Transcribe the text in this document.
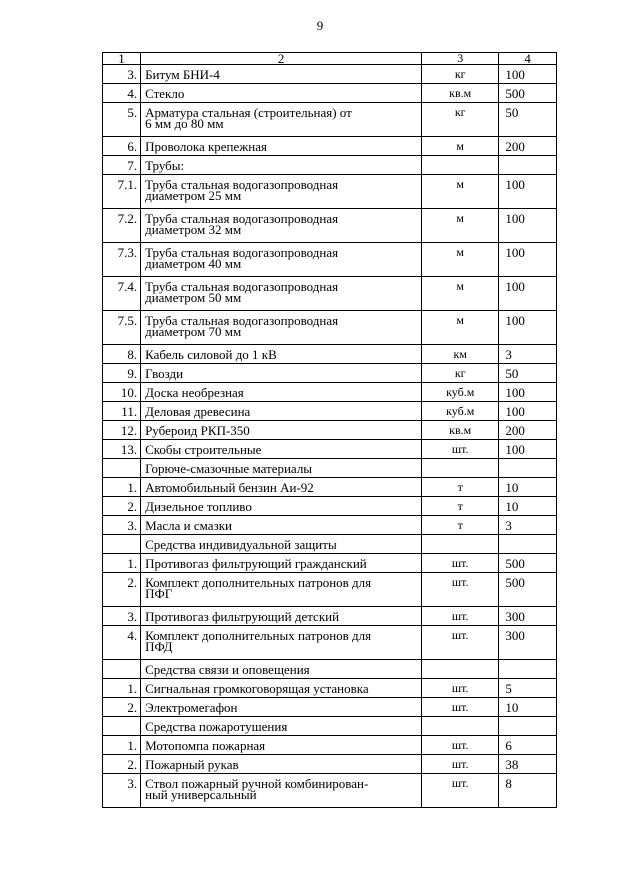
9
1	2	3	4
3.	Битум БНИ-4	кг	100
4.	Стекло	кв.м	500
5.	Арматура стальная (строительная) от
6 мм до 80 мм	кг	50
6.	Проволока крепежная	м	200
7.	Трубы:		

7.1.	Труба стальная водогазопроводная
диаметром 25 мм	м	100
7.2.	Труба стальная водогазопроводная
диаметром 32 мм	м	100
7.3.	Труба стальная водогазопроводная
диаметром 40 мм	м	100
7.4.	Труба стальная водогазопроводная
диаметром 50 мм	м	100
7.5.	Труба стальная водогазопроводная
диаметром 70 мм	м	100
8.	Кабель силовой до 1 кВ	км	3
9.	Гвозди	кг	50
10.	Доска необрезная	куб.м	100
11.	Деловая древесина	куб.м	100
12.	Рубероид РКП-350	кв.м	200
13.	Скобы строительные	шт.	100

	Горюче-смазочные материалы		

1.	Автомобильный бензин Аи-92	т	10
2.	Дизельное топливо	т	10
3.	Масла и смазки	т	3

	Средства индивидуальной защиты		

1.	Противогаз фильтрующий гражданский	шт.	500
2.	Комплект дополнительных патронов для
ПФГ	шт.	500
3.	Противогаз фильтрующий детский	шт.	300
4.	Комплект дополнительных патронов для
ПФД	шт.	300

	Средства связи и оповещения		

1.	Сигнальная громкоговорящая установка	шт.	5
2.	Электромегафон	шт.	10

	Средства пожаротушения		

1.	Мотопомпа пожарная	шт.	6
2.	Пожарный рукав	шт.	38
3.	Ствол пожарный ручной комбинирован-
ный универсальный	шт.	8
